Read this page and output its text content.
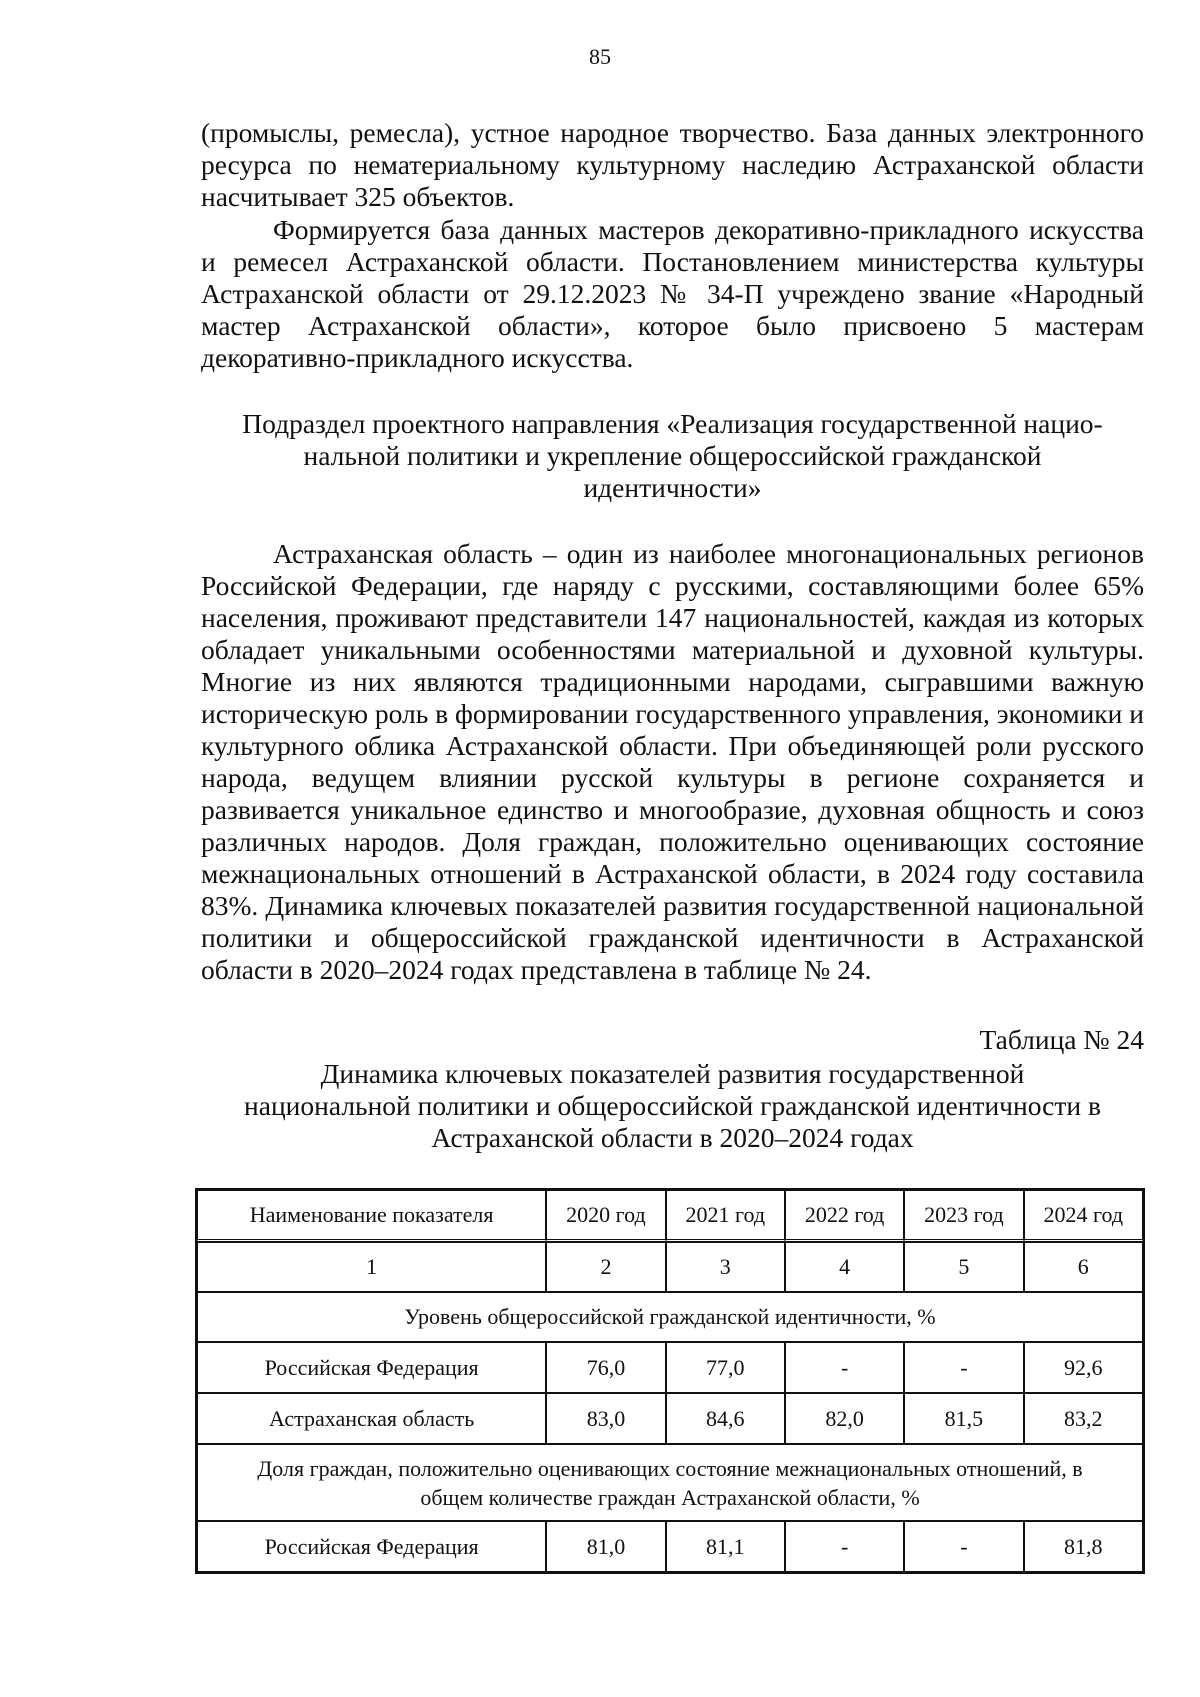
85

(промыслы, ремесла), устное народное творчество. База данных электронного ресурса по нематериальному культурному наследию Астраханской области насчитывает 325 объектов.

Формируется база данных мастеров декоративно-прикладного искусства и ремесел Астраханской области. Постановлением министерства культуры Астраханской области от 29.12.2023 № 34-П учреждено звание «Народный мастер Астраханской области», которое было присвоено 5 мастерам декоративно-прикладного искусства.

Подраздел проектного направления «Реализация государственной нацио-
нальной политики и укрепление общероссийской гражданской
идентичности»

Астраханская область – один из наиболее многонациональных регионов Российской Федерации, где наряду с русскими, составляющими более 65% населения, проживают представители 147 национальностей, каждая из которых обладает уникальными особенностями материальной и духовной культуры. Многие из них являются традиционными народами, сыгравшими важную историческую роль в формировании государственного управления, экономики и культурного облика Астраханской области. При объединяющей роли русского народа, ведущем влиянии русской культуры в регионе сохраняется и развивается уникальное единство и многообразие, духовная общность и союз различных народов. Доля граждан, положительно оценивающих состояние межнациональных отношений в Астраханской области, в 2024 году составила 83%. Динамика ключевых показателей развития государственной национальной политики и общероссийской гражданской идентичности в Астраханской области в 2020–2024 годах представлена в таблице № 24.

Таблица № 24
Динамика ключевых показателей развития государственной
национальной политики и общероссийской гражданской идентичности в
Астраханской области в 2020–2024 годах
Наименование показателя	2020 год	2021 год	2022 год	2023 год	2024 год
1	2	3	4	5	6
Уровень общероссийской гражданской идентичности, %					
Российская Федерация	76,0	77,0	-	-	92,6
Астраханская область	83,0	84,6	82,0	81,5	83,2
Доля граждан, положительно оценивающих состояние межнациональных отношений, в
общем количестве граждан Астраханской области, %					
Российская Федерация	81,0	81,1	-	-	81,8
